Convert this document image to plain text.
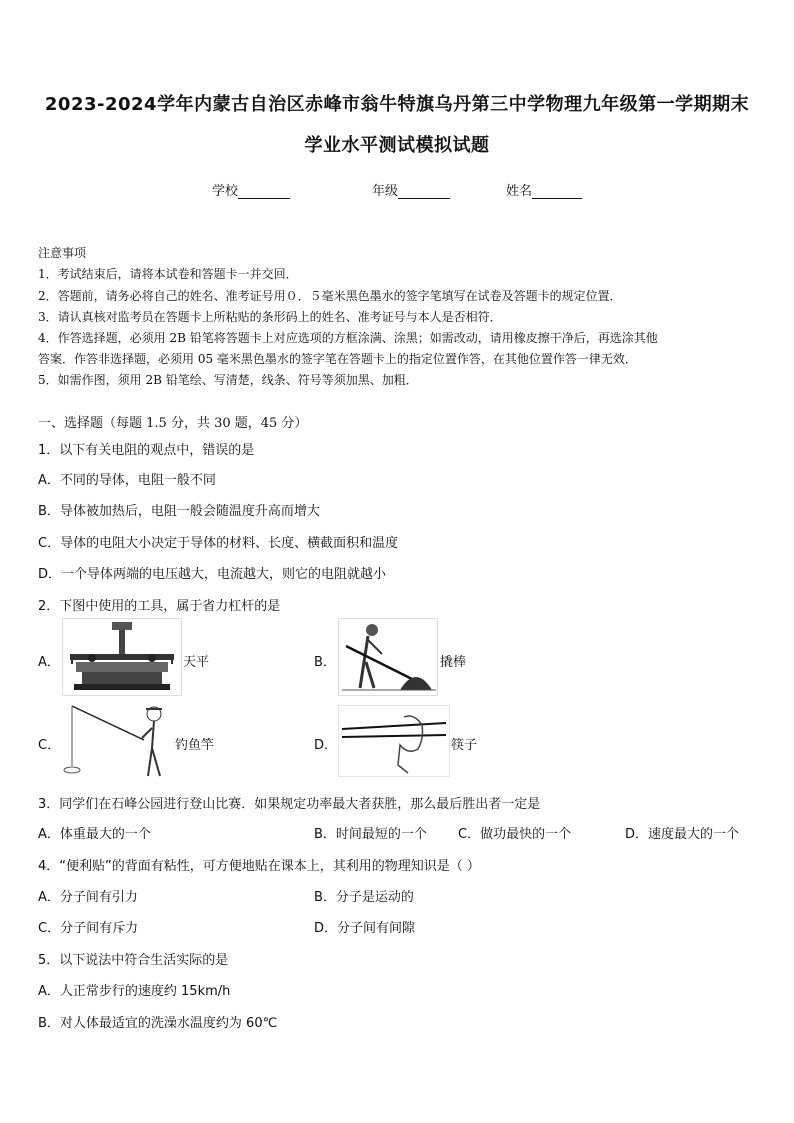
2023-2024学年内蒙古自治区赤峰市翁牛特旗乌丹第三中学物理九年级第一学期期末
学业水平测试模拟试题
学校	年级	姓名
注意事项
1．考试结束后，请将本试卷和答题卡一并交回．
2．答题前，请务必将自己的姓名、准考证号用０．５毫米黑色墨水的签字笔填写在试卷及答题卡的规定位置．
3．请认真核对监考员在答题卡上所粘贴的条形码上的姓名、准考证号与本人是否相符．
4．作答选择题，必须用 2B 铅笔将答题卡上对应选项的方框涂满、涂黑；如需改动，请用橡皮擦干净后，再选涂其他
答案．作答非选择题，必须用 05 毫米黑色墨水的签字笔在答题卡上的指定位置作答，在其他位置作答一律无效．
5．如需作图，须用 2B 铅笔绘、写清楚，线条、符号等须加黑、加粗．
一、选择题（每题 1.5 分，共 30 题，45 分）
1．以下有关电阻的观点中，错误的是
A．不同的导体，电阻一般不同
B．导体被加热后，电阻一般会随温度升高而增大
C．导体的电阻大小决定于导体的材料、长度、横截面积和温度
D．一个导体两端的电压越大，电流越大，则它的电阻就越小
2．下图中使用的工具，属于省力杠杆的是
A．	天平	B．	撬棒
C．	钓鱼竿	D．	筷子
3．同学们在石峰公园进行登山比赛．如果规定功率最大者获胜，那么最后胜出者一定是
A．体重最大的一个	B．时间最短的一个 C．做功最快的一个	D．速度最大的一个
4．“便利贴”的背面有粘性，可方便地贴在课本上，其利用的物理知识是（ ）
A．分子间有引力	B．分子是运动的
C．分子间有斥力	D．分子间有间隙
5．以下说法中符合生活实际的是
A．人正常步行的速度约 15km/h
B．对人体最适宜的洗澡水温度约为 60℃
